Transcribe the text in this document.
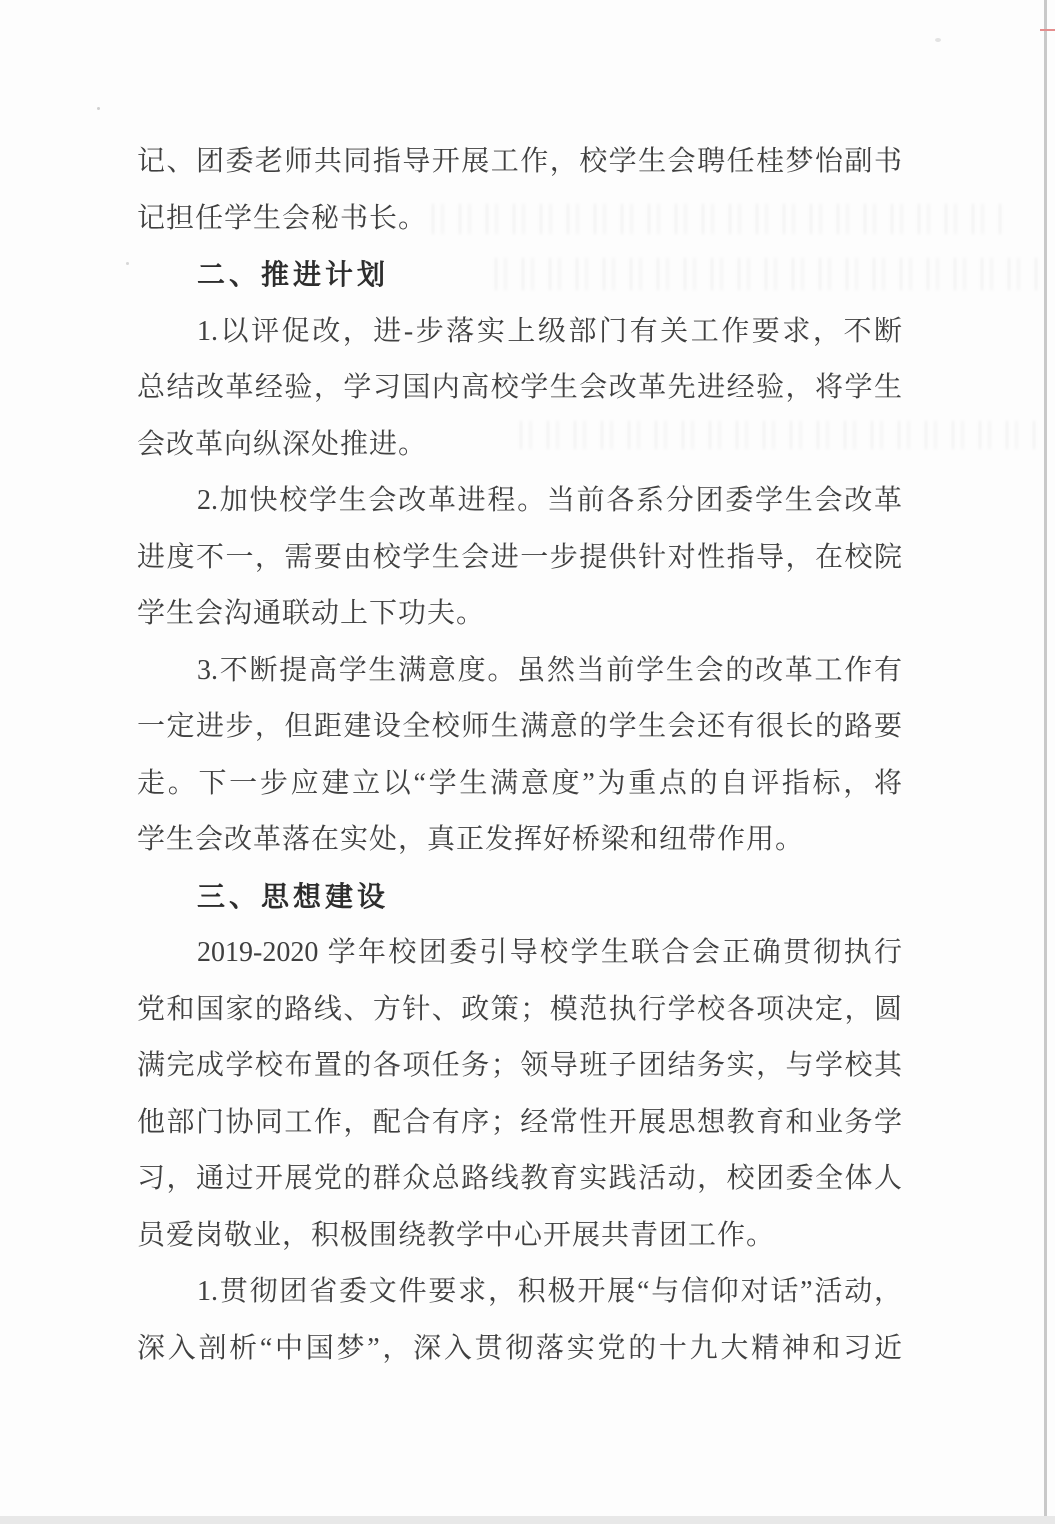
记、团委老师共同指导开展工作，校学生会聘任桂梦怡副书
记担任学生会秘书长。
二、推进计划
1.以评促改，进-步落实上级部门有关工作要求，不断
总结改革经验，学习国内高校学生会改革先进经验，将学生
会改革向纵深处推进。
2.加快校学生会改革进程。当前各系分团委学生会改革
进度不一，需要由校学生会进一步提供针对性指导，在校院
学生会沟通联动上下功夫。
3.不断提高学生满意度。虽然当前学生会的改革工作有
一定进步，但距建设全校师生满意的学生会还有很长的路要
走。下一步应建立以“学生满意度”为重点的自评指标，将
学生会改革落在实处，真正发挥好桥梁和纽带作用。
三、思想建设
2019-2020 学年校团委引导校学生联合会正确贯彻执行
党和国家的路线、方针、政策；模范执行学校各项决定，圆
满完成学校布置的各项任务；领导班子团结务实，与学校其
他部门协同工作，配合有序；经常性开展思想教育和业务学
习，通过开展党的群众总路线教育实践活动，校团委全体人
员爱岗敬业，积极围绕教学中心开展共青团工作。
1.贯彻团省委文件要求，积极开展“与信仰对话”活动，
深入剖析“中国梦”，深入贯彻落实党的十九大精神和习近
